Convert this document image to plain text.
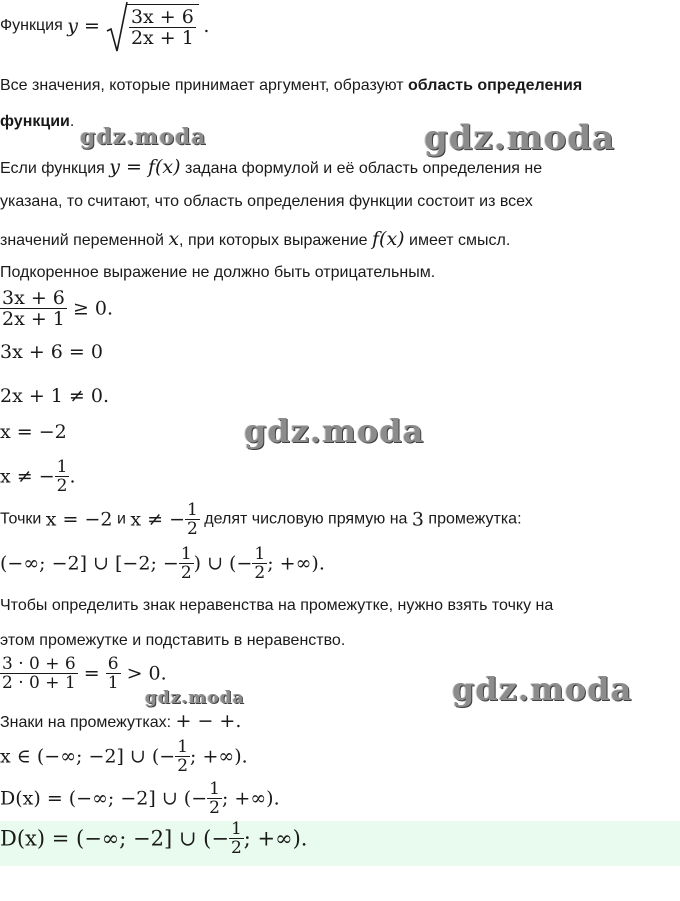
Функция $y = \frac{3x + 6}{2x + 1}$ .

Все значения, которые принимает аргумент, образуют область определения
функции.
Если функция y = f(x) задана формулой и её область определения не
указана, то считают, что область определения функции состоит из всех
значений переменной x, при которых выражение f(x) имеет смысл.
Подкоренное выражение не должно быть отрицательным.
$\frac{3x + 6}{2x + 1} \ge 0$.
3x + 6 = 0
2x + 1 ≠ 0.
x = −2
x ≠ − $\frac{1}{2}$ .
Точки x = −2 и x ≠ − $\frac{1}{2}$ делят числовую прямую на 3 промежутка:
(−∞; −2] ∪ [−2; − $\frac{1}{2}$ ) ∪ (− $\frac{1}{2}$ ; +∞).
Чтобы определить знак неравенства на промежутке, нужно взять точку на
этом промежутке и подставить в неравенство.
$\frac{3 \cdot 0 + 6}{2 \cdot 0 + 1} = \frac{6}{1} > 0$.
Знаки на промежутках: + − +.
x ∈ (−∞; −2] ∪ (− $\frac{1}{2}$ ; +∞).
D(x) = (−∞; −2] ∪ (− $\frac{1}{2}$ ; +∞).
D(x) = (−∞; −2] ∪ (− $\frac{1}{2}$ ; +∞).
gdz.moda	gdz.moda
gdz.moda
gdz.moda	gdz.moda
